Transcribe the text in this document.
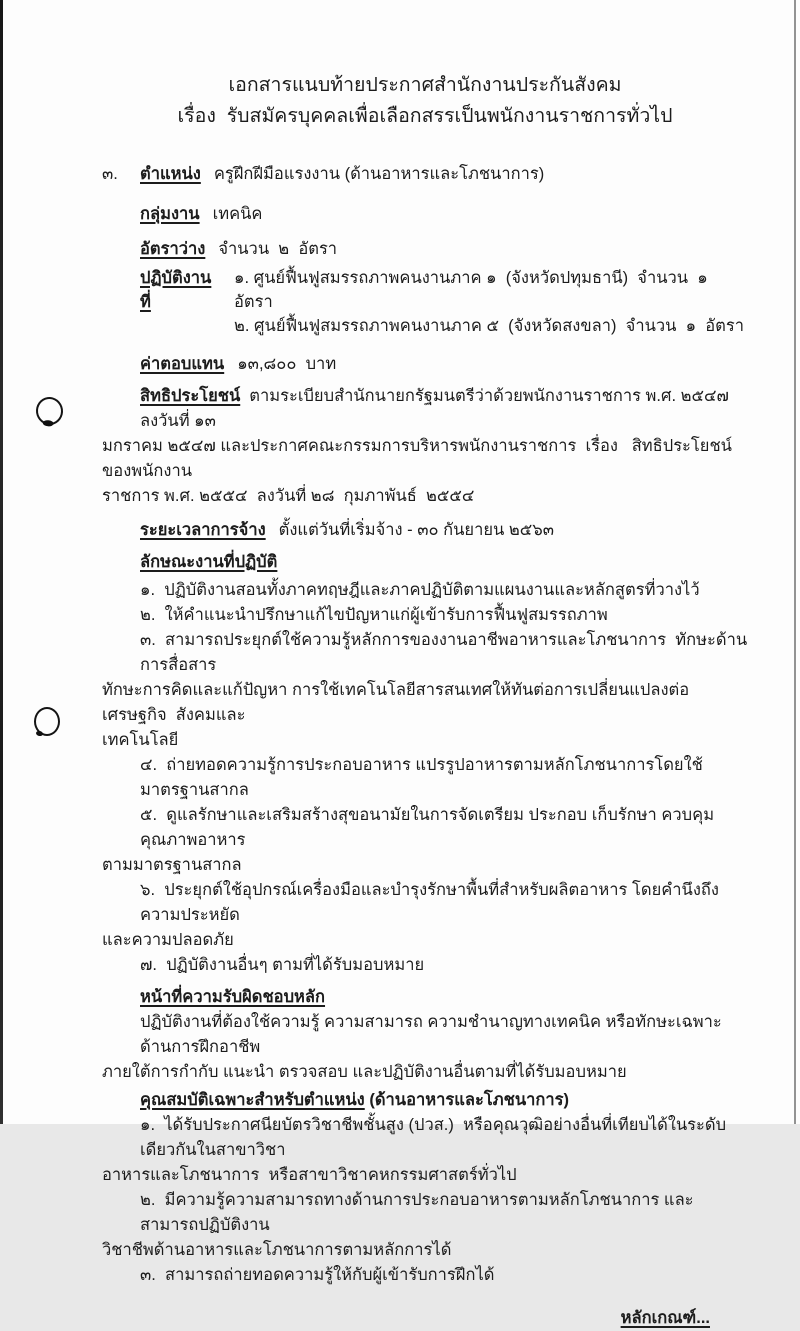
เอกสารแนบท้ายประกาศสำนักงานประกันสังคม
เรื่อง  รับสมัครบุคคลเพื่อเลือกสรรเป็นพนักงานราชการทั่วไป
๓. ตำแหน่ง ครูฝึกฝีมือแรงงาน (ด้านอาหารและโภชนาการ)
กลุ่มงาน เทคนิค
อัตราว่าง จำนวน  ๒  อัตรา
ปฏิบัติงานที่
๑. ศูนย์ฟื้นฟูสมรรถภาพคนงานภาค ๑  (จังหวัดปทุมธานี)  จำนวน  ๑  อัตรา
๒. ศูนย์ฟื้นฟูสมรรถภาพคนงานภาค ๕  (จังหวัดสงขลา)  จำนวน  ๑  อัตรา
ค่าตอบแทน ๑๓,๘๐๐  บาท
สิทธิประโยชน์ ตามระเบียบสำนักนายกรัฐมนตรีว่าด้วยพนักงานราชการ พ.ศ. ๒๕๔๗ ลงวันที่ ๑๓
มกราคม ๒๕๔๗ และประกาศคณะกรรมการบริหารพนักงานราชการ  เรื่อง   สิทธิประโยชน์ของพนักงาน
ราชการ พ.ศ. ๒๕๕๔  ลงวันที่ ๒๘  กุมภาพันธ์  ๒๕๕๔
ระยะเวลาการจ้าง ตั้งแต่วันที่เริ่มจ้าง - ๓๐ กันยายน ๒๕๖๓
ลักษณะงานที่ปฏิบัติ
๑.  ปฏิบัติงานสอนทั้งภาคทฤษฎีและภาคปฏิบัติตามแผนงานและหลักสูตรที่วางไว้
๒.  ให้คำแนะนำปรึกษาแก้ไขปัญหาแก่ผู้เข้ารับการฟื้นฟูสมรรถภาพ
๓.  สามารถประยุกต์ใช้ความรู้หลักการของงานอาชีพอาหารและโภชนาการ  ทักษะด้านการสื่อสาร
ทักษะการคิดและแก้ปัญหา การใช้เทคโนโลยีสารสนเทศให้ทันต่อการเปลี่ยนแปลงต่อเศรษฐกิจ  สังคมและ
เทคโนโลยี
๔.  ถ่ายทอดความรู้การประกอบอาหาร แปรรูปอาหารตามหลักโภชนาการโดยใช้มาตรฐานสากล
๕.  ดูแลรักษาและเสริมสร้างสุขอนามัยในการจัดเตรียม ประกอบ เก็บรักษา ควบคุมคุณภาพอาหาร
ตามมาตรฐานสากล
๖.  ประยุกต์ใช้อุปกรณ์เครื่องมือและบำรุงรักษาพื้นที่สำหรับผลิตอาหาร โดยคำนึงถึงความประหยัด
และความปลอดภัย
๗.  ปฏิบัติงานอื่นๆ ตามที่ได้รับมอบหมาย
หน้าที่ความรับผิดชอบหลัก
ปฏิบัติงานที่ต้องใช้ความรู้ ความสามารถ ความชำนาญทางเทคนิค หรือทักษะเฉพาะ ด้านการฝึกอาชีพ
ภายใต้การกำกับ แนะนำ ตรวจสอบ และปฏิบัติงานอื่นตามที่ได้รับมอบหมาย
คุณสมบัติเฉพาะสำหรับตำแหน่ง (ด้านอาหารและโภชนาการ)
๑.  ได้รับประกาศนียบัตรวิชาชีพชั้นสูง (ปวส.)  หรือคุณวุฒิอย่างอื่นที่เทียบได้ในระดับเดียวกันในสาขาวิชา
อาหารและโภชนาการ  หรือสาขาวิชาคหกรรมศาสตร์ทั่วไป
๒.  มีความรู้ความสามารถทางด้านการประกอบอาหารตามหลักโภชนาการ และสามารถปฏิบัติงาน
วิชาชีพด้านอาหารและโภชนาการตามหลักการได้
๓.  สามารถถ่ายทอดความรู้ให้กับผู้เข้ารับการฝึกได้
หลักเกณฑ์...
